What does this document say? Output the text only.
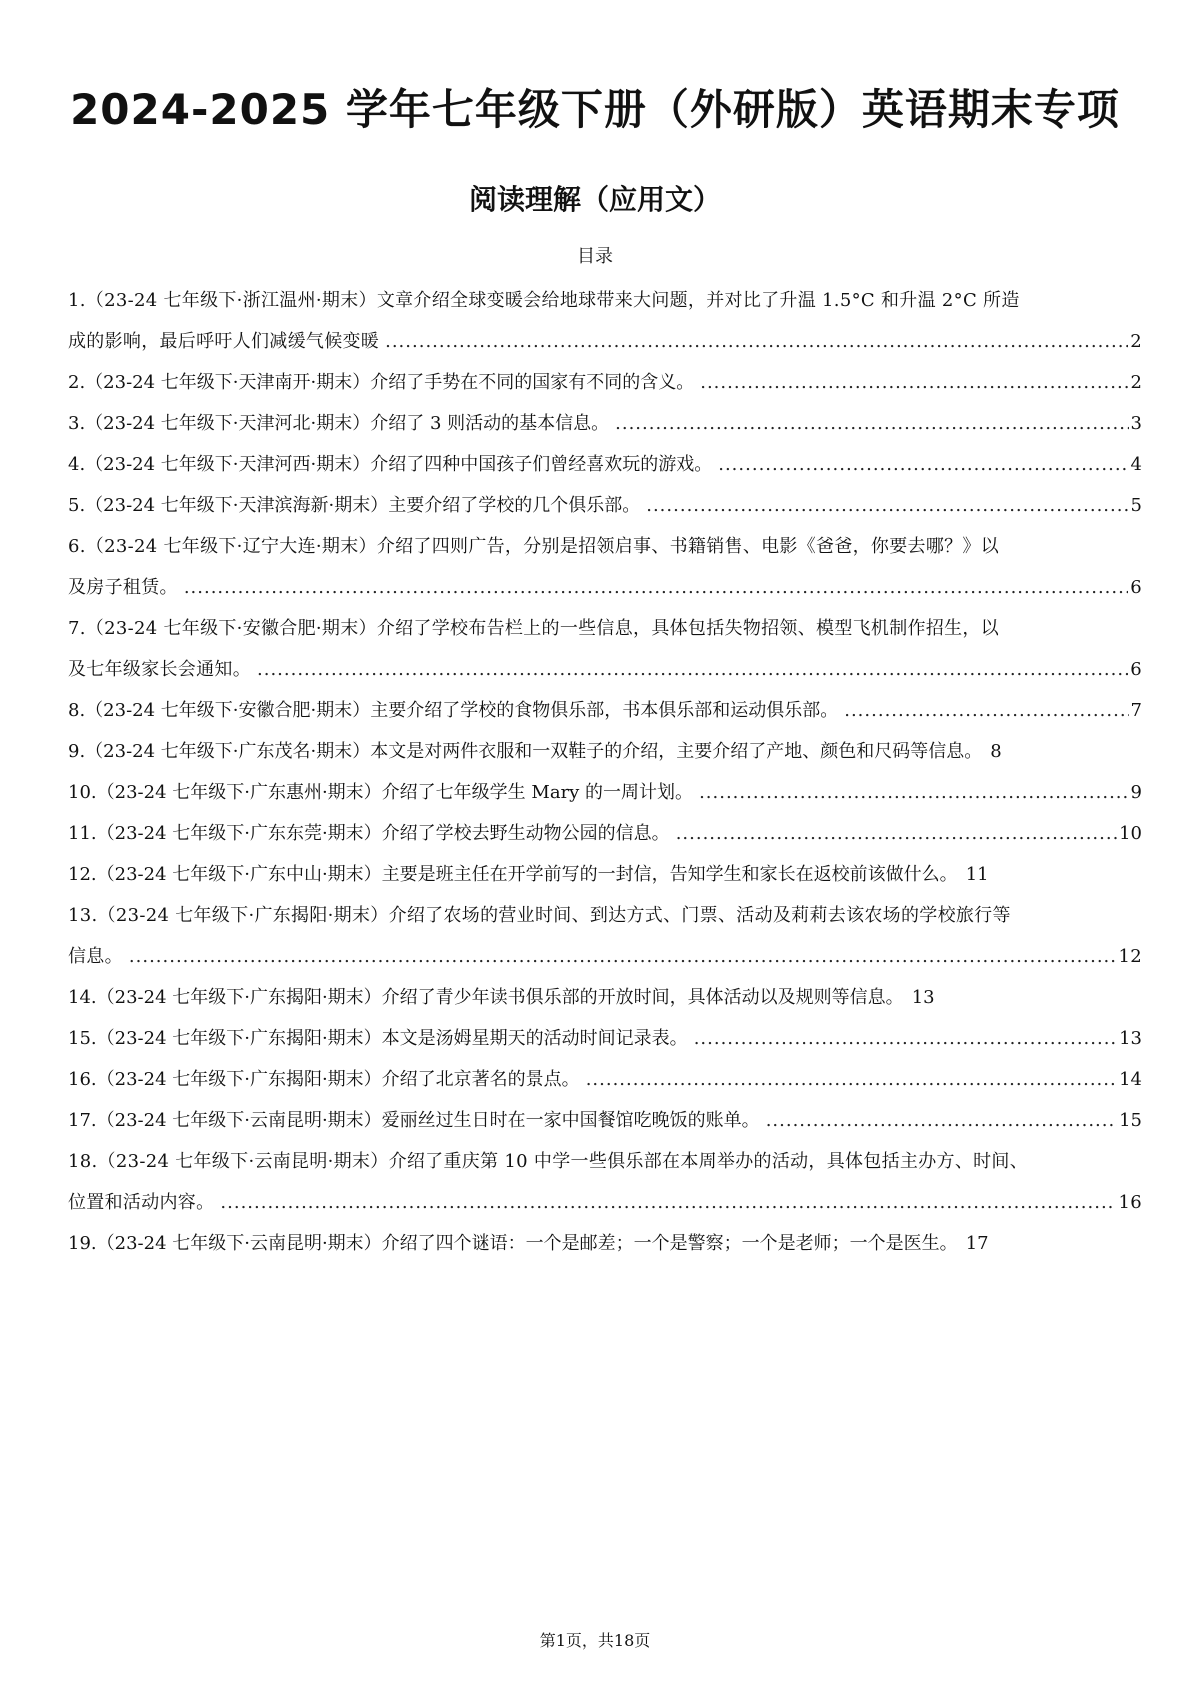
2024-2025 学年七年级下册（外研版）英语期末专项
阅读理解（应用文）
目录
1.（23-24 七年级下·浙江温州·期末）文章介绍全球变暖会给地球带来大问题，并对比了升温 1.5°C 和升温 2°C 所造
成的影响，最后呼吁人们减缓气候变暖 .....	2
2.（23-24 七年级下·天津南开·期末）介绍了手势在不同的国家有不同的含义。 .....	2
3.（23-24 七年级下·天津河北·期末）介绍了 3 则活动的基本信息。 .....	3
4.（23-24 七年级下·天津河西·期末）介绍了四种中国孩子们曾经喜欢玩的游戏。 .....	4
5.（23-24 七年级下·天津滨海新·期末）主要介绍了学校的几个俱乐部。 .....	5
6.（23-24 七年级下·辽宁大连·期末）介绍了四则广告，分别是招领启事、书籍销售、电影《爸爸，你要去哪？》以
及房子租赁。 .....	6
7.（23-24 七年级下·安徽合肥·期末）介绍了学校布告栏上的一些信息，具体包括失物招领、模型飞机制作招生，以
及七年级家长会通知。 .....	6
8.（23-24 七年级下·安徽合肥·期末）主要介绍了学校的食物俱乐部，书本俱乐部和运动俱乐部。 .....	7
9.（23-24 七年级下·广东茂名·期末）本文是对两件衣服和一双鞋子的介绍，主要介绍了产地、颜色和尺码等信息。 8
10.（23-24 七年级下·广东惠州·期末）介绍了七年级学生 Mary 的一周计划。 .....	9
11.（23-24 七年级下·广东东莞·期末）介绍了学校去野生动物公园的信息。 .....	10
12.（23-24 七年级下·广东中山·期末）主要是班主任在开学前写的一封信，告知学生和家长在返校前该做什么。 11
13.（23-24 七年级下·广东揭阳·期末）介绍了农场的营业时间、到达方式、门票、活动及莉莉去该农场的学校旅行等
信息。 .....	12
14.（23-24 七年级下·广东揭阳·期末）介绍了青少年读书俱乐部的开放时间，具体活动以及规则等信息。 13
15.（23-24 七年级下·广东揭阳·期末）本文是汤姆星期天的活动时间记录表。 .....	13
16.（23-24 七年级下·广东揭阳·期末）介绍了北京著名的景点。 .....	14
17.（23-24 七年级下·云南昆明·期末）爱丽丝过生日时在一家中国餐馆吃晚饭的账单。 .....	15
18.（23-24 七年级下·云南昆明·期末）介绍了重庆第 10 中学一些俱乐部在本周举办的活动，具体包括主办方、时间、
位置和活动内容。 .....	16
19.（23-24 七年级下·云南昆明·期末）介绍了四个谜语：一个是邮差；一个是警察；一个是老师；一个是医生。 17
第1页，共18页
